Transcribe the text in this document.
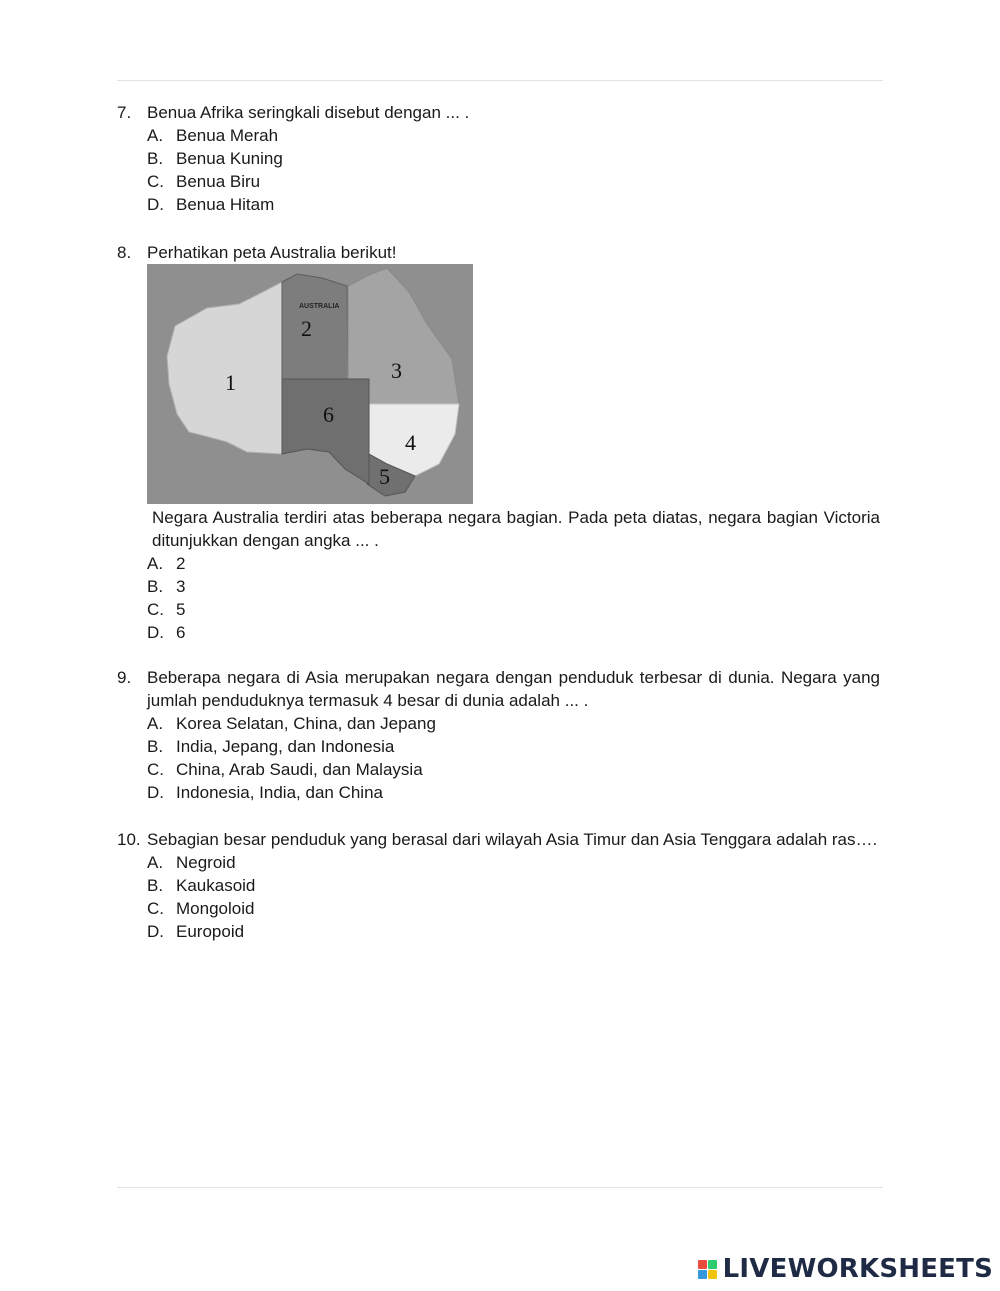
7. Benua Afrika seringkali disebut dengan ... .
A. Benua Merah
B. Benua Kuning
C. Benua Biru
D. Benua Hitam
8. Perhatikan peta Australia berikut!
AUSTRALIA
1
2
3
4
5
6
Negara Australia terdiri atas beberapa negara bagian. Pada peta diatas, negara bagian Victoria ditunjukkan dengan angka ... .
A. 2
B. 3
C. 5
D. 6
9. Beberapa negara di Asia merupakan negara dengan penduduk terbesar di dunia. Negara yang jumlah penduduknya termasuk 4 besar di dunia adalah ... .
A. Korea Selatan, China, dan Jepang
B. India, Jepang, dan Indonesia
C. China, Arab Saudi, dan Malaysia
D. Indonesia, India, dan China
10. Sebagian besar penduduk yang berasal dari wilayah Asia Timur dan Asia Tenggara adalah ras….
A. Negroid
B. Kaukasoid
C. Mongoloid
D. Europoid
LIVEWORKSHEETS
